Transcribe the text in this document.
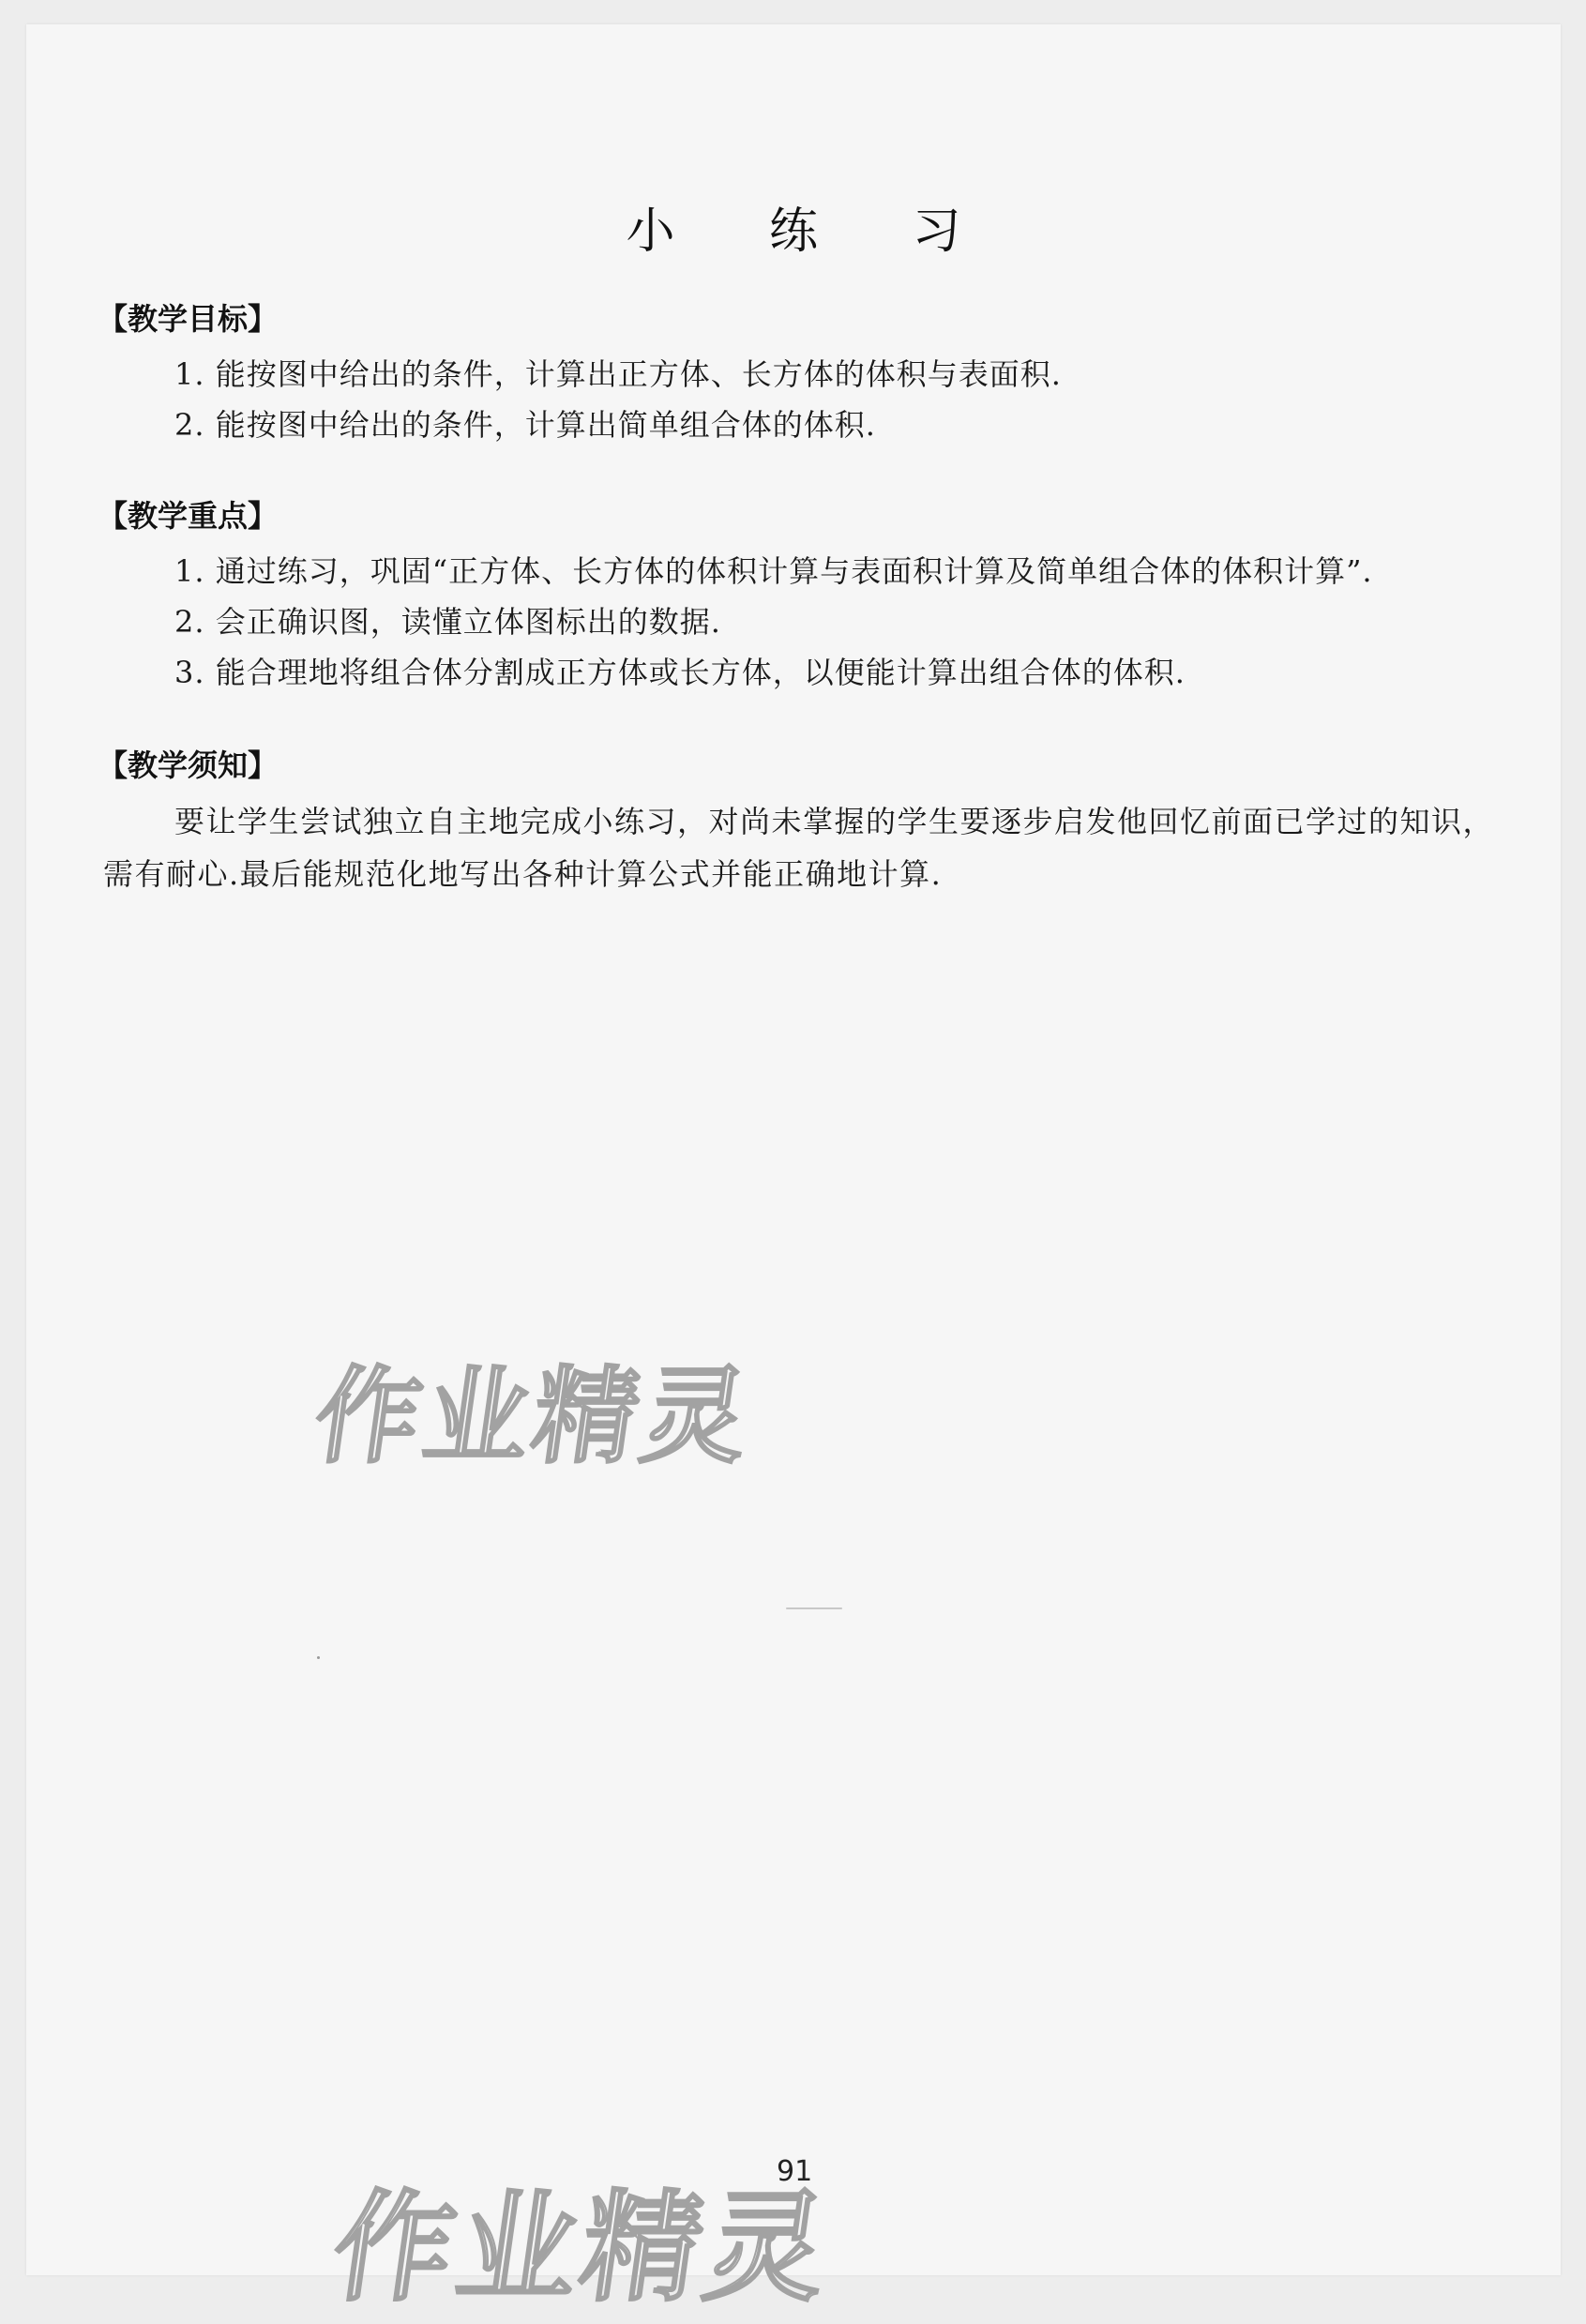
小 练 习
【教学目标】
1. 能按图中给出的条件，计算出正方体、长方体的体积与表面积.
2. 能按图中给出的条件，计算出简单组合体的体积.
【教学重点】
1. 通过练习，巩固“正方体、长方体的体积计算与表面积计算及简单组合体的体积计算”.
2. 会正确识图，读懂立体图标出的数据.
3. 能合理地将组合体分割成正方体或长方体，以便能计算出组合体的体积.
【教学须知】
要让学生尝试独立自主地完成小练习，对尚未掌握的学生要逐步启发他回忆前面已学过的知识，需有耐心.最后能规范化地写出各种计算公式并能正确地计算.
作业精灵
作业精灵
91
